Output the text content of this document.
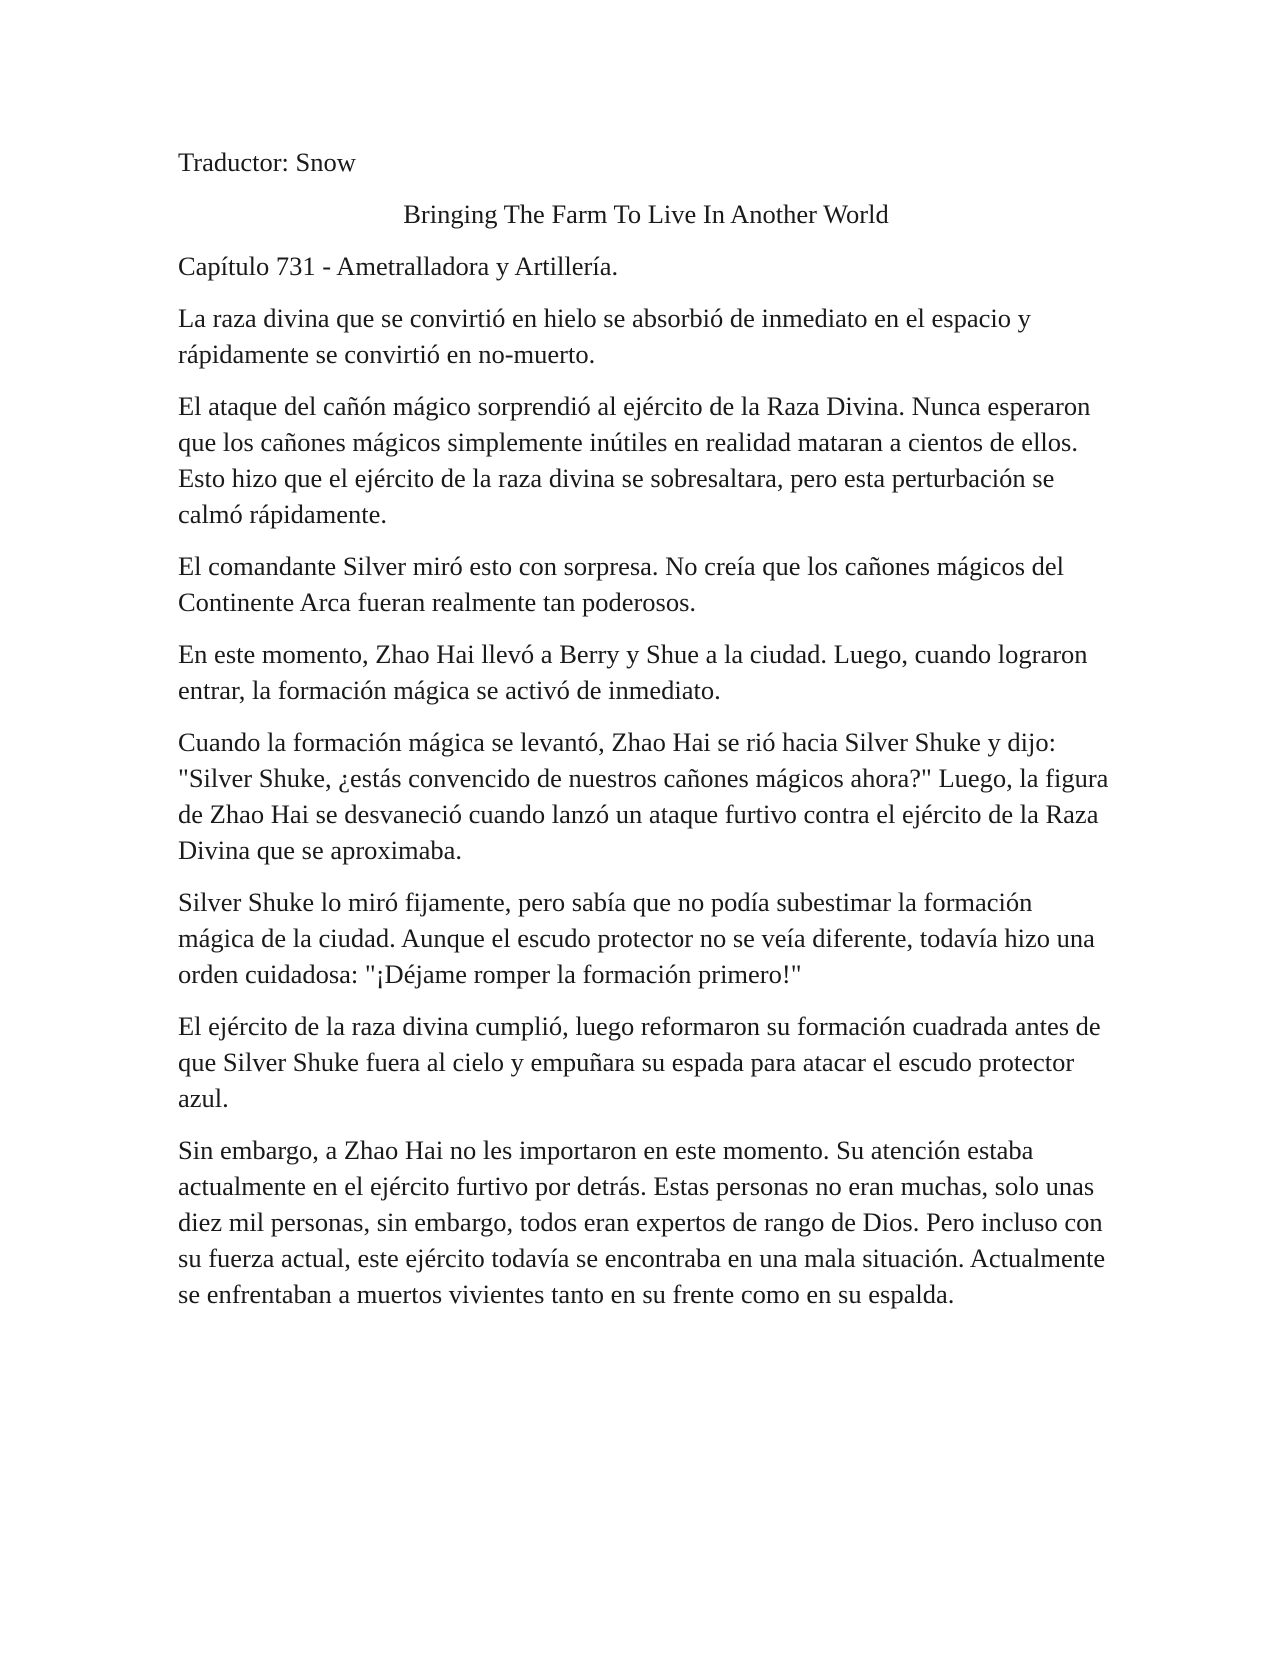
Traductor: Snow
Bringing The Farm To Live In Another World
Capítulo 731 - Ametralladora y Artillería.

La raza divina que se convirtió en hielo se absorbió de inmediato en el espacio y rápidamente se convirtió en no-muerto.

El ataque del cañón mágico sorprendió al ejército de la Raza Divina. Nunca esperaron que los cañones mágicos simplemente inútiles en realidad mataran a cientos de ellos. Esto hizo que el ejército de la raza divina se sobresaltara, pero esta perturbación se calmó rápidamente.

El comandante Silver miró esto con sorpresa. No creía que los cañones mágicos del Continente Arca fueran realmente tan poderosos.

En este momento, Zhao Hai llevó a Berry y Shue a la ciudad. Luego, cuando lograron entrar, la formación mágica se activó de inmediato.

Cuando la formación mágica se levantó, Zhao Hai se rió hacia Silver Shuke y dijo: "Silver Shuke, ¿estás convencido de nuestros cañones mágicos ahora?" Luego, la figura de Zhao Hai se desvaneció cuando lanzó un ataque furtivo contra el ejército de la Raza Divina que se aproximaba.

Silver Shuke lo miró fijamente, pero sabía que no podía subestimar la formación mágica de la ciudad. Aunque el escudo protector no se veía diferente, todavía hizo una orden cuidadosa: "¡Déjame romper la formación primero!"

El ejército de la raza divina cumplió, luego reformaron su formación cuadrada antes de que Silver Shuke fuera al cielo y empuñara su espada para atacar el escudo protector azul.

Sin embargo, a Zhao Hai no les importaron en este momento. Su atención estaba actualmente en el ejército furtivo por detrás. Estas personas no eran muchas, solo unas diez mil personas, sin embargo, todos eran expertos de rango de Dios. Pero incluso con su fuerza actual, este ejército todavía se encontraba en una mala situación. Actualmente se enfrentaban a muertos vivientes tanto en su frente como en su espalda.
